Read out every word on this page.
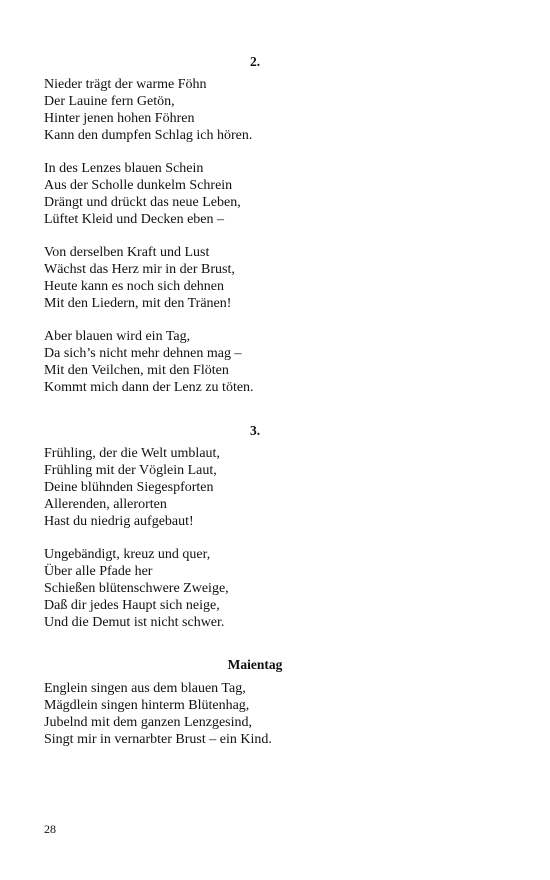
2.
Nieder trägt der warme Föhn
Der Lauine fern Getön,
Hinter jenen hohen Föhren
Kann den dumpfen Schlag ich hören.
In des Lenzes blauen Schein
Aus der Scholle dunkelm Schrein
Drängt und drückt das neue Leben,
Lüftet Kleid und Decken eben –
Von derselben Kraft und Lust
Wächst das Herz mir in der Brust,
Heute kann es noch sich dehnen
Mit den Liedern, mit den Tränen!
Aber blauen wird ein Tag,
Da sich’s nicht mehr dehnen mag –
Mit den Veilchen, mit den Flöten
Kommt mich dann der Lenz zu töten.
3.
Frühling, der die Welt umblaut,
Frühling mit der Vöglein Laut,
Deine blühnden Siegespforten
Allerenden, allerorten
Hast du niedrig aufgebaut!
Ungebändigt, kreuz und quer,
Über alle Pfade her
Schießen blütenschwere Zweige,
Daß dir jedes Haupt sich neige,
Und die Demut ist nicht schwer.
Maientag
Englein singen aus dem blauen Tag,
Mägdlein singen hinterm Blütenhag,
Jubelnd mit dem ganzen Lenzgesind,
Singt mir in vernarbter Brust – ein Kind.
28
